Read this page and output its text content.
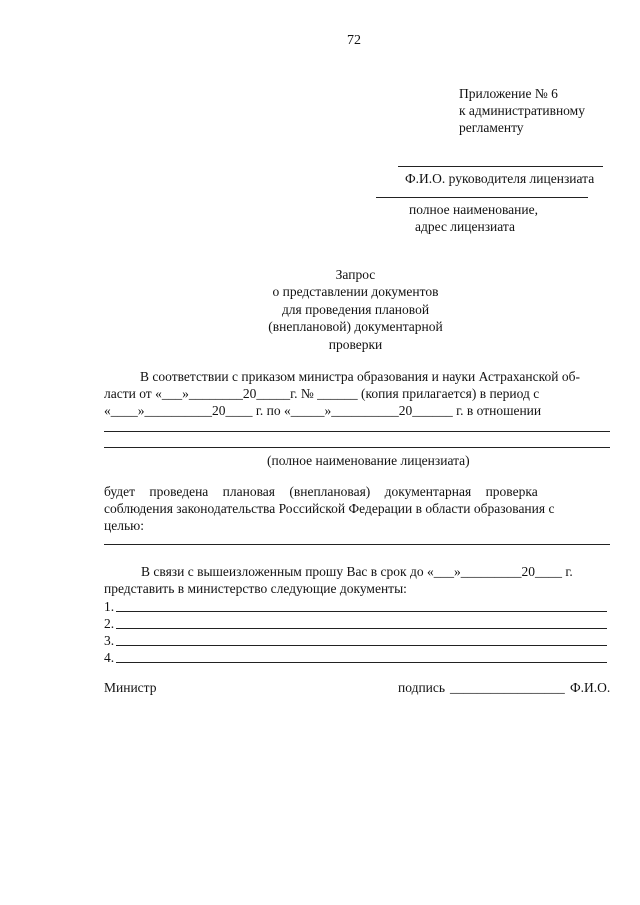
72
Приложение № 6
к административному
регламенту
Ф.И.О. руководителя лицензиата
полное наименование,
адрес лицензиата
Запрос
о представлении документов
для проведения плановой
(внеплановой) документарной
проверки
В соответствии с приказом министра образования и науки Астраханской об-
ласти от «___»________20_____г. № ______ (копия прилагается) в период с
«____»__________20____ г. по «_____»__________20______ г. в отношении
(полное наименование лицензиата)
будет проведена плановая (внеплановая) документарная проверка
соблюдения законодательства Российской Федерации в области образования с
целью:
В связи с вышеизложенным прошу Вас в срок до «___»_________20____ г.
представить в министерство следующие документы:
1.
2.
3.
4.
Министр	подпись _________________ Ф.И.О.
